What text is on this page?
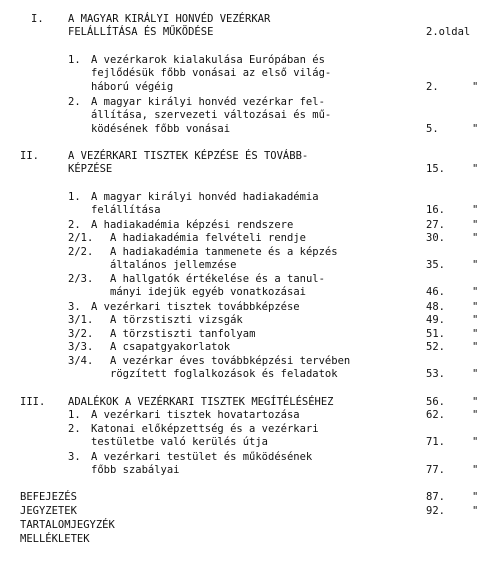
I. A MAGYAR KIRÁLYI HONVÉD VEZÉRKAR
FELÁLLÍTÁSA ÉS MŰKÖDÉSE	2.oldal
1. A vezérkarok kialakulása Európában és
fejlődésük főbb vonásai az első világ-
háború végéig	2.	"
2. A magyar királyi honvéd vezérkar fel-
állítása, szervezeti változásai és mű-
ködésének főbb vonásai	5.	"
II.	A VEZÉRKARI TISZTEK KÉPZÉSE ÉS TOVÁBB-
KÉPZÉSE	15.	"
1. A magyar királyi honvéd hadiakadémia
felállítása	16.	"
2. A hadiakadémia képzési rendszere	27.	"
2/1. A hadiakadémia felvételi rendje	30.	"
2/2. A hadiakadémia tanmenete és a képzés
általános jellemzése	35.	"
2/3. A hallgatók értékelése és a tanul-
mányi idejük egyéb vonatkozásai	46.	"
3. A vezérkari tisztek továbbképzése	48.	"
3/1. A törzstiszti vizsgák	49.	"
3/2. A törzstiszti tanfolyam	51.	"
3/3. A csapatgyakorlatok	52.	"
3/4. A vezérkar éves továbbképzési tervében
rögzített foglalkozások és feladatok	53.	"
III. ADALÉKOK A VEZÉRKARI TISZTEK MEGÍTÉLÉSÉHEZ	56.	"
1. A vezérkari tisztek hovatartozása	62.	"
2. Katonai előképzettség és a vezérkari
testületbe való kerülés útja	71.	"
3. A vezérkari testület és működésének
főbb szabályai	77.	"
BEFEJEZÉS	87.	"
JEGYZETEK	92.	"
TARTALOMJEGYZÉK
MELLÉKLETEK
